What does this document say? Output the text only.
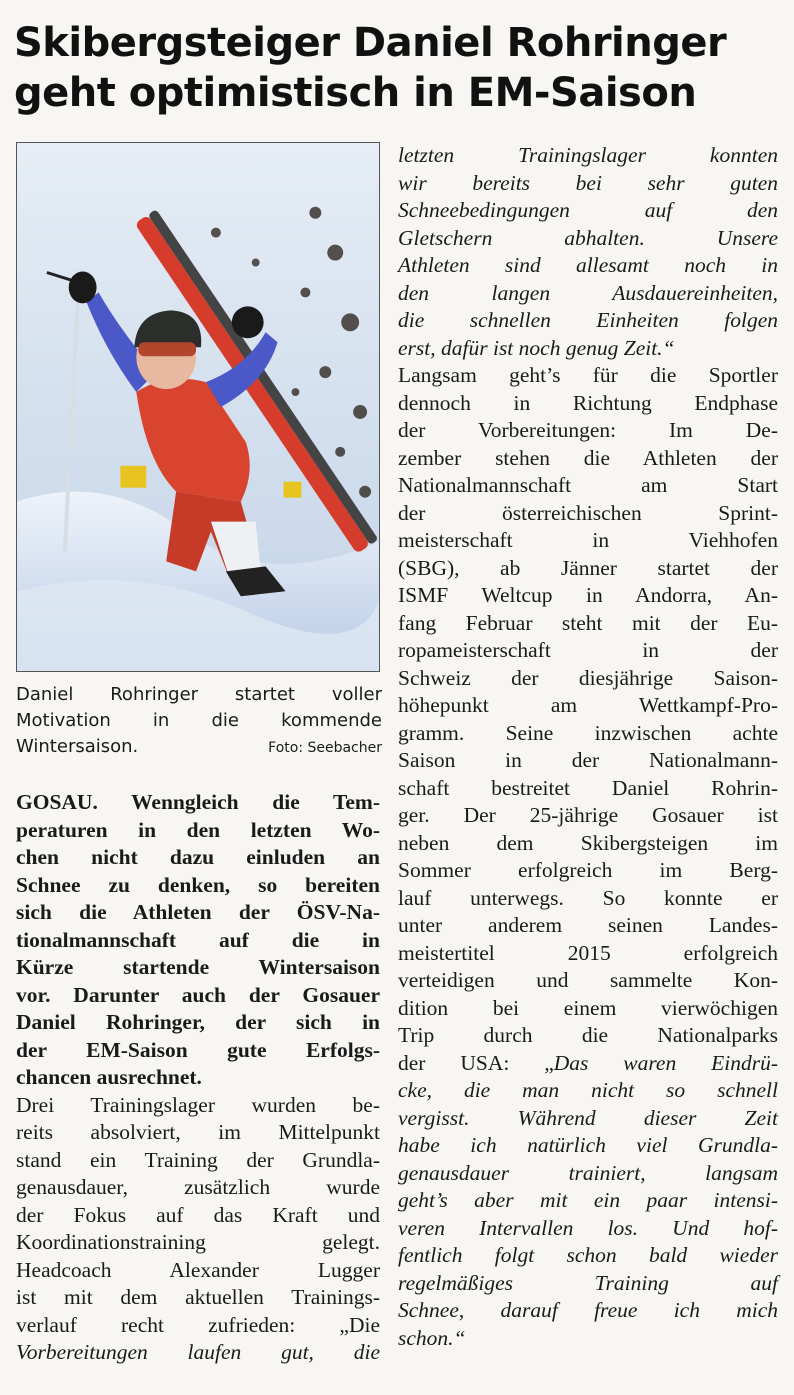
Skibergsteiger Daniel Rohringer
geht optimistisch in EM-Saison
Daniel Rohringer startet voller
Motivation in die kommende
Wintersaison.	Foto: Seebacher
GOSAU. Wenngleich die Tem-
peraturen in den letzten Wo-
chen nicht dazu einluden an
Schnee zu denken, so bereiten
sich die Athleten der ÖSV-Na-
tionalmannschaft auf die in
Kürze startende Wintersaison
vor. Darunter auch der Gosauer
Daniel Rohringer, der sich in
der EM-Saison gute Erfolgs-
chancen ausrechnet.
Drei Trainingslager wurden be-
reits absolviert, im Mittelpunkt
stand ein Training der Grundla-
genausdauer, zusätzlich wurde
der Fokus auf das Kraft und
Koordinationstraining gelegt.
Headcoach Alexander Lugger
ist mit dem aktuellen Trainings-
verlauf recht zufrieden: „Die
Vorbereitungen laufen gut, die
letzten Trainingslager konnten
wir bereits bei sehr guten
Schneebedingungen auf den
Gletschern abhalten. Unsere
Athleten sind allesamt noch in
den langen Ausdauereinheiten,
die schnellen Einheiten folgen
erst, dafür ist noch genug Zeit.“
Langsam geht’s für die Sportler
dennoch in Richtung Endphase
der Vorbereitungen: Im De-
zember stehen die Athleten der
Nationalmannschaft am Start
der österreichischen Sprint-
meisterschaft in Viehhofen
(SBG), ab Jänner startet der
ISMF Weltcup in Andorra, An-
fang Februar steht mit der Eu-
ropameisterschaft in der
Schweiz der diesjährige Saison-
höhepunkt am Wettkampf-Pro-
gramm. Seine inzwischen achte
Saison in der Nationalmann-
schaft bestreitet Daniel Rohrin-
ger. Der 25-jährige Gosauer ist
neben dem Skibergsteigen im
Sommer erfolgreich im Berg-
lauf unterwegs. So konnte er
unter anderem seinen Landes-
meistertitel 2015 erfolgreich
verteidigen und sammelte Kon-
dition bei einem vierwöchigen
Trip durch die Nationalparks
der USA: „Das waren Eindrü-
cke, die man nicht so schnell
vergisst. Während dieser Zeit
habe ich natürlich viel Grundla-
genausdauer trainiert, langsam
geht’s aber mit ein paar intensi-
veren Intervallen los. Und hof-
fentlich folgt schon bald wieder
regelmäßiges Training auf
Schnee, darauf freue ich mich
schon.“
